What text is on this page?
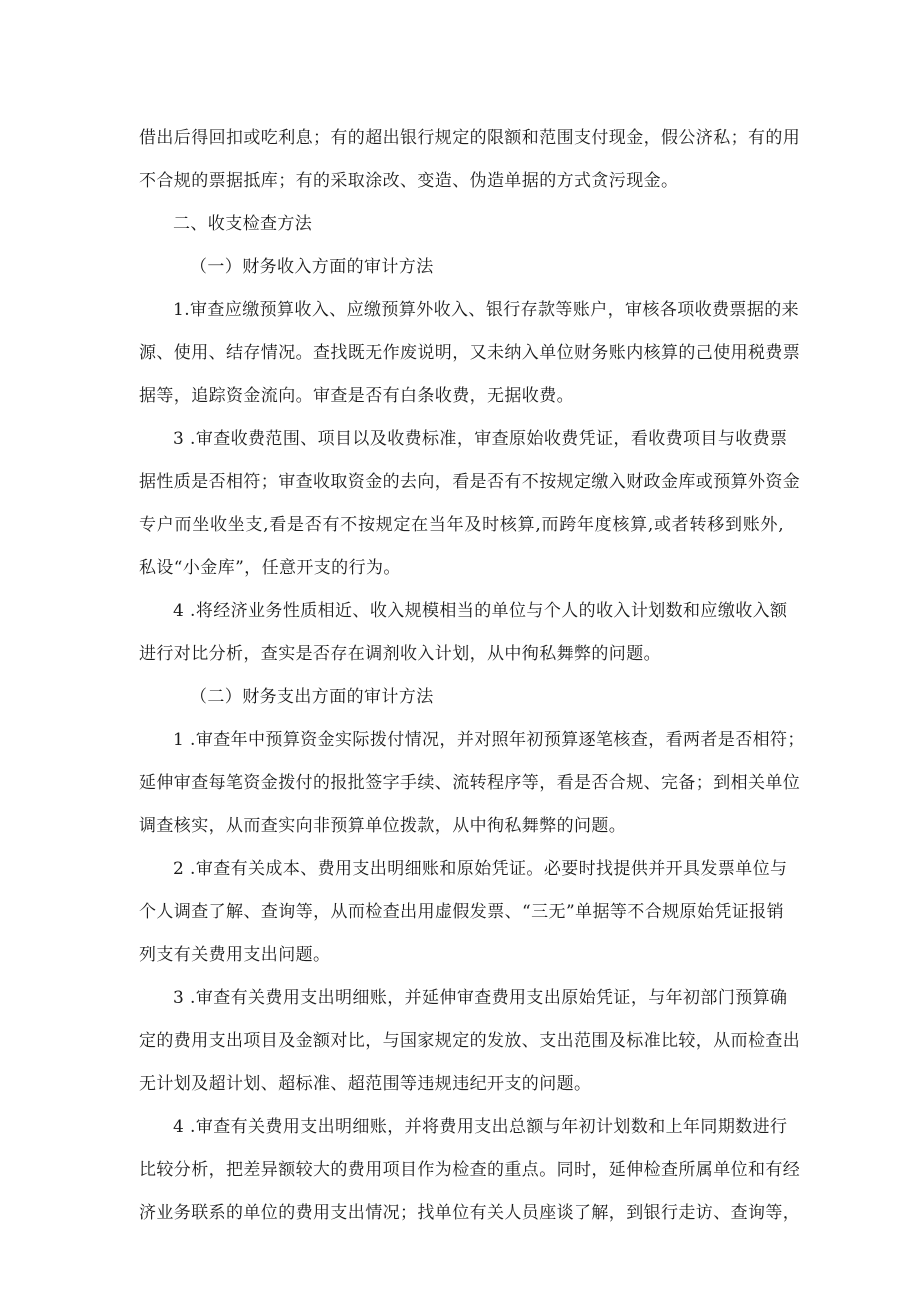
借出后得回扣或吃利息；有的超出银行规定的限额和范围支付现金，假公济私；有的用
不合规的票据抵库；有的采取涂改、变造、伪造单据的方式贪污现金。
二、收支检查方法
（一）财务收入方面的审计方法
1.审查应缴预算收入、应缴预算外收入、银行存款等账户，审核各项收费票据的来
源、使用、结存情况。查找既无作废说明，又未纳入单位财务账内核算的己使用税费票
据等，追踪资金流向。审查是否有白条收费，无据收费。
3 .审查收费范围、项目以及收费标准，审查原始收费凭证，看收费项目与收费票
据性质是否相符；审查收取资金的去向，看是否有不按规定缴入财政金库或预算外资金
专户而坐收坐支,看是否有不按规定在当年及时核算,而跨年度核算,或者转移到账外,
私设“小金库”，任意开支的行为。
4 .将经济业务性质相近、收入规模相当的单位与个人的收入计划数和应缴收入额
进行对比分析，查实是否存在调剂收入计划，从中徇私舞弊的问题。
（二）财务支出方面的审计方法
1 .审查年中预算资金实际拨付情况，并对照年初预算逐笔核查，看两者是否相符；
延伸审查每笔资金拨付的报批签字手续、流转程序等，看是否合规、完备；到相关单位
调查核实，从而查实向非预算单位拨款，从中徇私舞弊的问题。
2 .审查有关成本、费用支出明细账和原始凭证。必要时找提供并开具发票单位与
个人调查了解、查询等，从而检查出用虚假发票、“三无”单据等不合规原始凭证报销
列支有关费用支出问题。
3 .审查有关费用支出明细账，并延伸审查费用支出原始凭证，与年初部门预算确
定的费用支出项目及金额对比，与国家规定的发放、支出范围及标准比较，从而检查出
无计划及超计划、超标准、超范围等违规违纪开支的问题。
4 .审查有关费用支出明细账，并将费用支出总额与年初计划数和上年同期数进行
比较分析，把差异额较大的费用项目作为检查的重点。同时，延伸检查所属单位和有经
济业务联系的单位的费用支出情况；找单位有关人员座谈了解，到银行走访、查询等，
